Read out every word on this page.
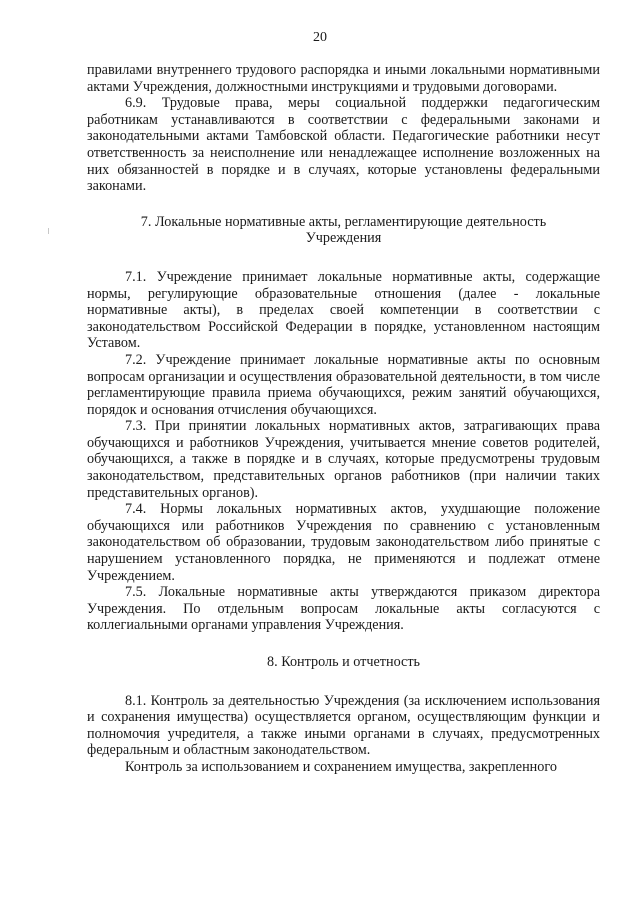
20

правилами внутреннего трудового распорядка и иными локальными нормативными актами Учреждения, должностными инструкциями и трудовыми договорами.

6.9. Трудовые права, меры социальной поддержки педагогическим работникам устанавливаются в соответствии с федеральными законами и законодательными актами Тамбовской области. Педагогические работники несут ответственность за неисполнение или ненадлежащее исполнение возложенных на них обязанностей в порядке и в случаях, которые установлены федеральными законами.

7. Локальные нормативные акты, регламентирующие деятельность Учреждения

7.1. Учреждение принимает локальные нормативные акты, содержащие нормы, регулирующие образовательные отношения (далее - локальные нормативные акты), в пределах своей компетенции в соответствии с законодательством Российской Федерации в порядке, установленном настоящим Уставом.

7.2. Учреждение принимает локальные нормативные акты по основным вопросам организации и осуществления образовательной деятельности, в том числе регламентирующие правила приема обучающихся, режим занятий обучающихся, порядок и основания отчисления обучающихся.

7.3. При принятии локальных нормативных актов, затрагивающих права обучающихся и работников Учреждения, учитывается мнение советов родителей, обучающихся, а также в порядке и в случаях, которые предусмотрены трудовым законодательством, представительных органов работников (при наличии таких представительных органов).

7.4. Нормы локальных нормативных актов, ухудшающие положение обучающихся или работников Учреждения по сравнению с установленным законодательством об образовании, трудовым законодательством либо принятые с нарушением установленного порядка, не применяются и подлежат отмене Учреждением.

7.5. Локальные нормативные акты утверждаются приказом директора Учреждения. По отдельным вопросам локальные акты согласуются с коллегиальными органами управления Учреждения.

8. Контроль и отчетность

8.1. Контроль за деятельностью Учреждения (за исключением использования и сохранения имущества) осуществляется органом, осуществляющим функции и полномочия учредителя, а также иными органами в случаях, предусмотренных федеральным и областным законодательством.

Контроль за использованием и сохранением имущества, закрепленного
